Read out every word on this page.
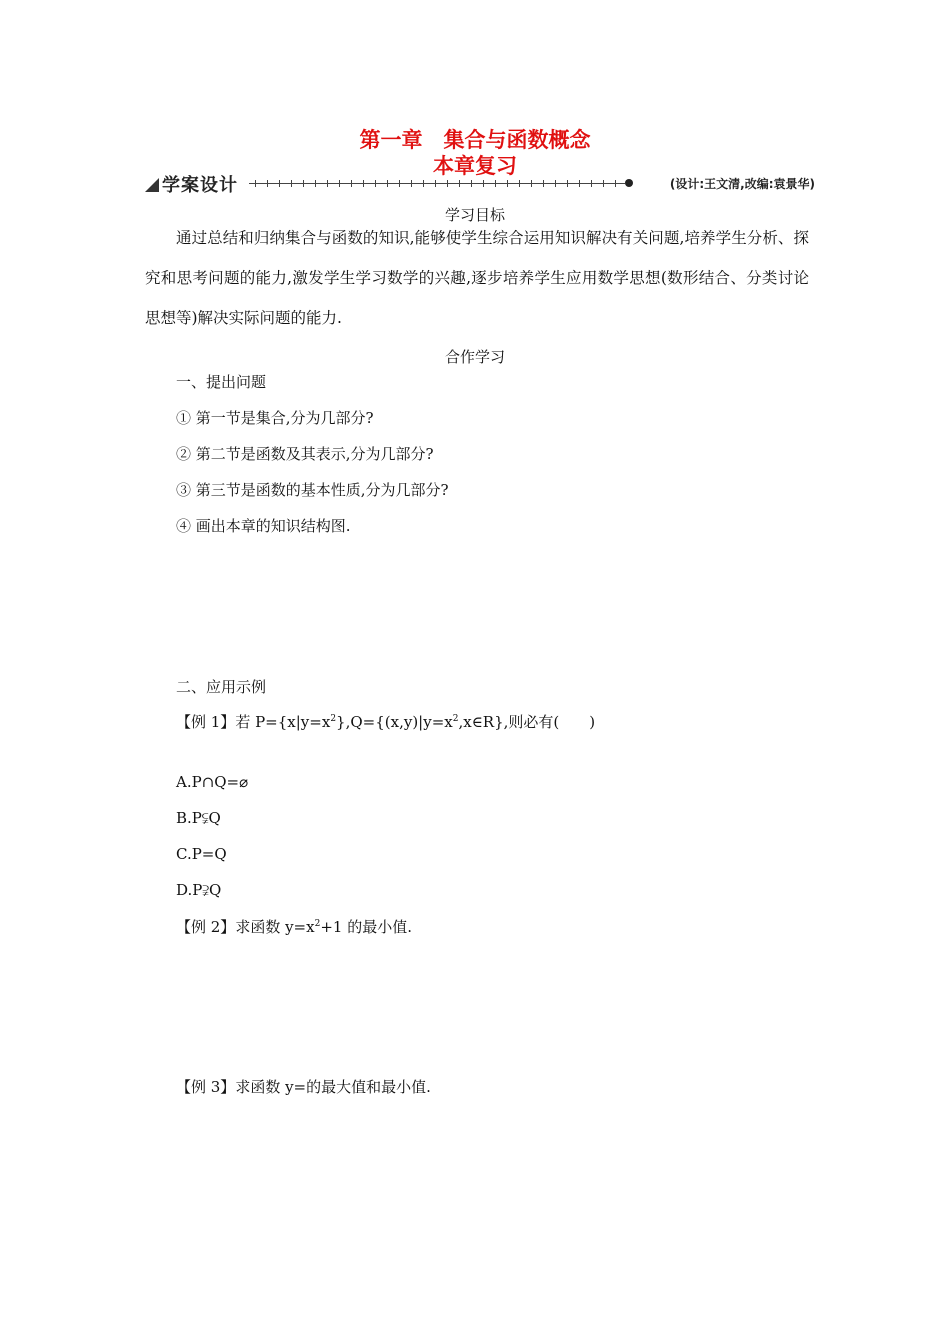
第一章　集合与函数概念
本章复习
学案设计	(设计:王文清,改编:袁景华)
学习目标
通过总结和归纳集合与函数的知识,能够使学生综合运用知识解决有关问题,培养学生分析、探究和思考问题的能力,激发学生学习数学的兴趣,逐步培养学生应用数学思想(数形结合、分类讨论思想等)解决实际问题的能力.
合作学习
一、提出问题
① 第一节是集合,分为几部分?
② 第二节是函数及其表示,分为几部分?
③ 第三节是函数的基本性质,分为几部分?
④ 画出本章的知识结构图.
二、应用示例
【例 1】若 $P=\{x|y=x^2\},Q=\{(x,y)|y=x^2,x\in R\}$,则必有(　　)
A.P∩Q=⌀
B.P⫋Q
C.P=Q
D.P⫌Q
【例 2】求函数 $y=x^2+1$ 的最小值.
【例 3】求函数 y=的最大值和最小值.
